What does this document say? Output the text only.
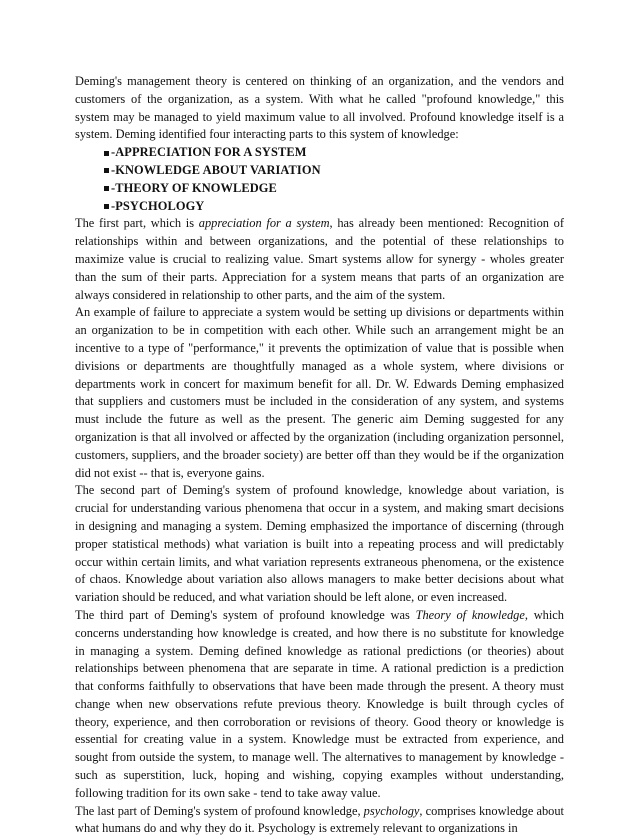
Deming's management theory is centered on thinking of an organization, and the vendors and customers of the organization, as a system. With what he called "profound knowledge," this system may be managed to yield maximum value to all involved. Profound knowledge itself is a system. Deming identified four interacting parts to this system of knowledge:

- APPRECIATION FOR A SYSTEM
- KNOWLEDGE ABOUT VARIATION
- THEORY OF KNOWLEDGE
- PSYCHOLOGY

The first part, which is appreciation for a system, has already been mentioned: Recognition of relationships within and between organizations, and the potential of these relationships to maximize value is crucial to realizing value. Smart systems allow for synergy - wholes greater than the sum of their parts. Appreciation for a system means that parts of an organization are always considered in relationship to other parts, and the aim of the system.

An example of failure to appreciate a system would be setting up divisions or departments within an organization to be in competition with each other. While such an arrangement might be an incentive to a type of "performance," it prevents the optimization of value that is possible when divisions or departments are thoughtfully managed as a whole system, where divisions or departments work in concert for maximum benefit for all. Dr. W. Edwards Deming emphasized that suppliers and customers must be included in the consideration of any system, and systems must include the future as well as the present. The generic aim Deming suggested for any organization is that all involved or affected by the organization (including organization personnel, customers, suppliers, and the broader society) are better off than they would be if the organization did not exist -- that is, everyone gains.

The second part of Deming's system of profound knowledge, knowledge about variation, is crucial for understanding various phenomena that occur in a system, and making smart decisions in designing and managing a system. Deming emphasized the importance of discerning (through proper statistical methods) what variation is built into a repeating process and will predictably occur within certain limits, and what variation represents extraneous phenomena, or the existence of chaos. Knowledge about variation also allows managers to make better decisions about what variation should be reduced, and what variation should be left alone, or even increased.

The third part of Deming's system of profound knowledge was Theory of knowledge, which concerns understanding how knowledge is created, and how there is no substitute for knowledge in managing a system. Deming defined knowledge as rational predictions (or theories) about relationships between phenomena that are separate in time. A rational prediction is a prediction that conforms faithfully to observations that have been made through the present. A theory must change when new observations refute previous theory. Knowledge is built through cycles of theory, experience, and then corroboration or revisions of theory. Good theory or knowledge is essential for creating value in a system. Knowledge must be extracted from experience, and sought from outside the system, to manage well. The alternatives to management by knowledge - such as superstition, luck, hoping and wishing, copying examples without understanding, following tradition for its own sake - tend to take away value.

The last part of Deming's system of profound knowledge, psychology, comprises knowledge about what humans do and why they do it. Psychology is extremely relevant to organizations in
